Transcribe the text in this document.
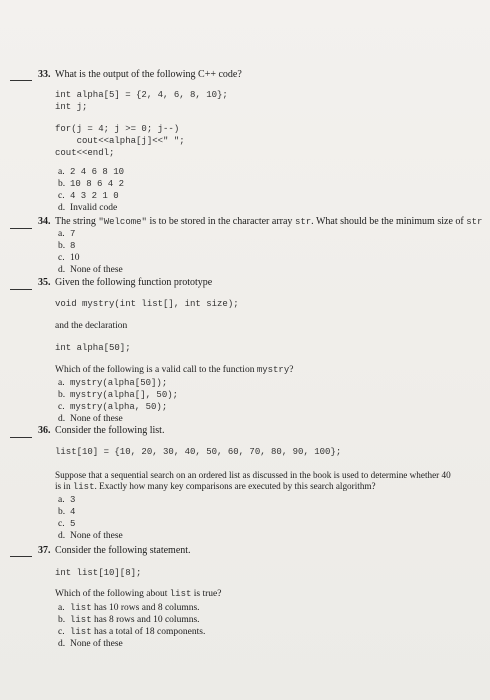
33. What is the output of the following C++ code?
int alpha[5] = {2, 4, 6, 8, 10};
int j;
for(j = 4; j >= 0; j--)
cout<<alpha[j]<<" ";
cout<<endl;
a. 2 4 6 8 10
b. 10 8 6 4 2
c. 4 3 2 1 0
d. Invalid code
34. The string "Welcome" is to be stored in the character array str. What should be the minimum size of str
a. 7
b. 8
c. 10
d. None of these
35. Given the following function prototype
void mystry(int list[], int size);
and the declaration
int alpha[50];
Which of the following is a valid call to the function mystry?
a. mystry(alpha[50]);
b. mystry(alpha[], 50);
c. mystry(alpha, 50);
d. None of these
36. Consider the following list.
list[10] = {10, 20, 30, 40, 50, 60, 70, 80, 90, 100};
Suppose that a sequential search on an ordered list as discussed in the book is used to determine whether 40
is in list. Exactly how many key comparisons are executed by this search algorithm?
a. 3
b. 4
c. 5
d. None of these
37. Consider the following statement.
int list[10][8];
Which of the following about list is true?
a. list has 10 rows and 8 columns.
b. list has 8 rows and 10 columns.
c. list has a total of 18 components.
d. None of these
